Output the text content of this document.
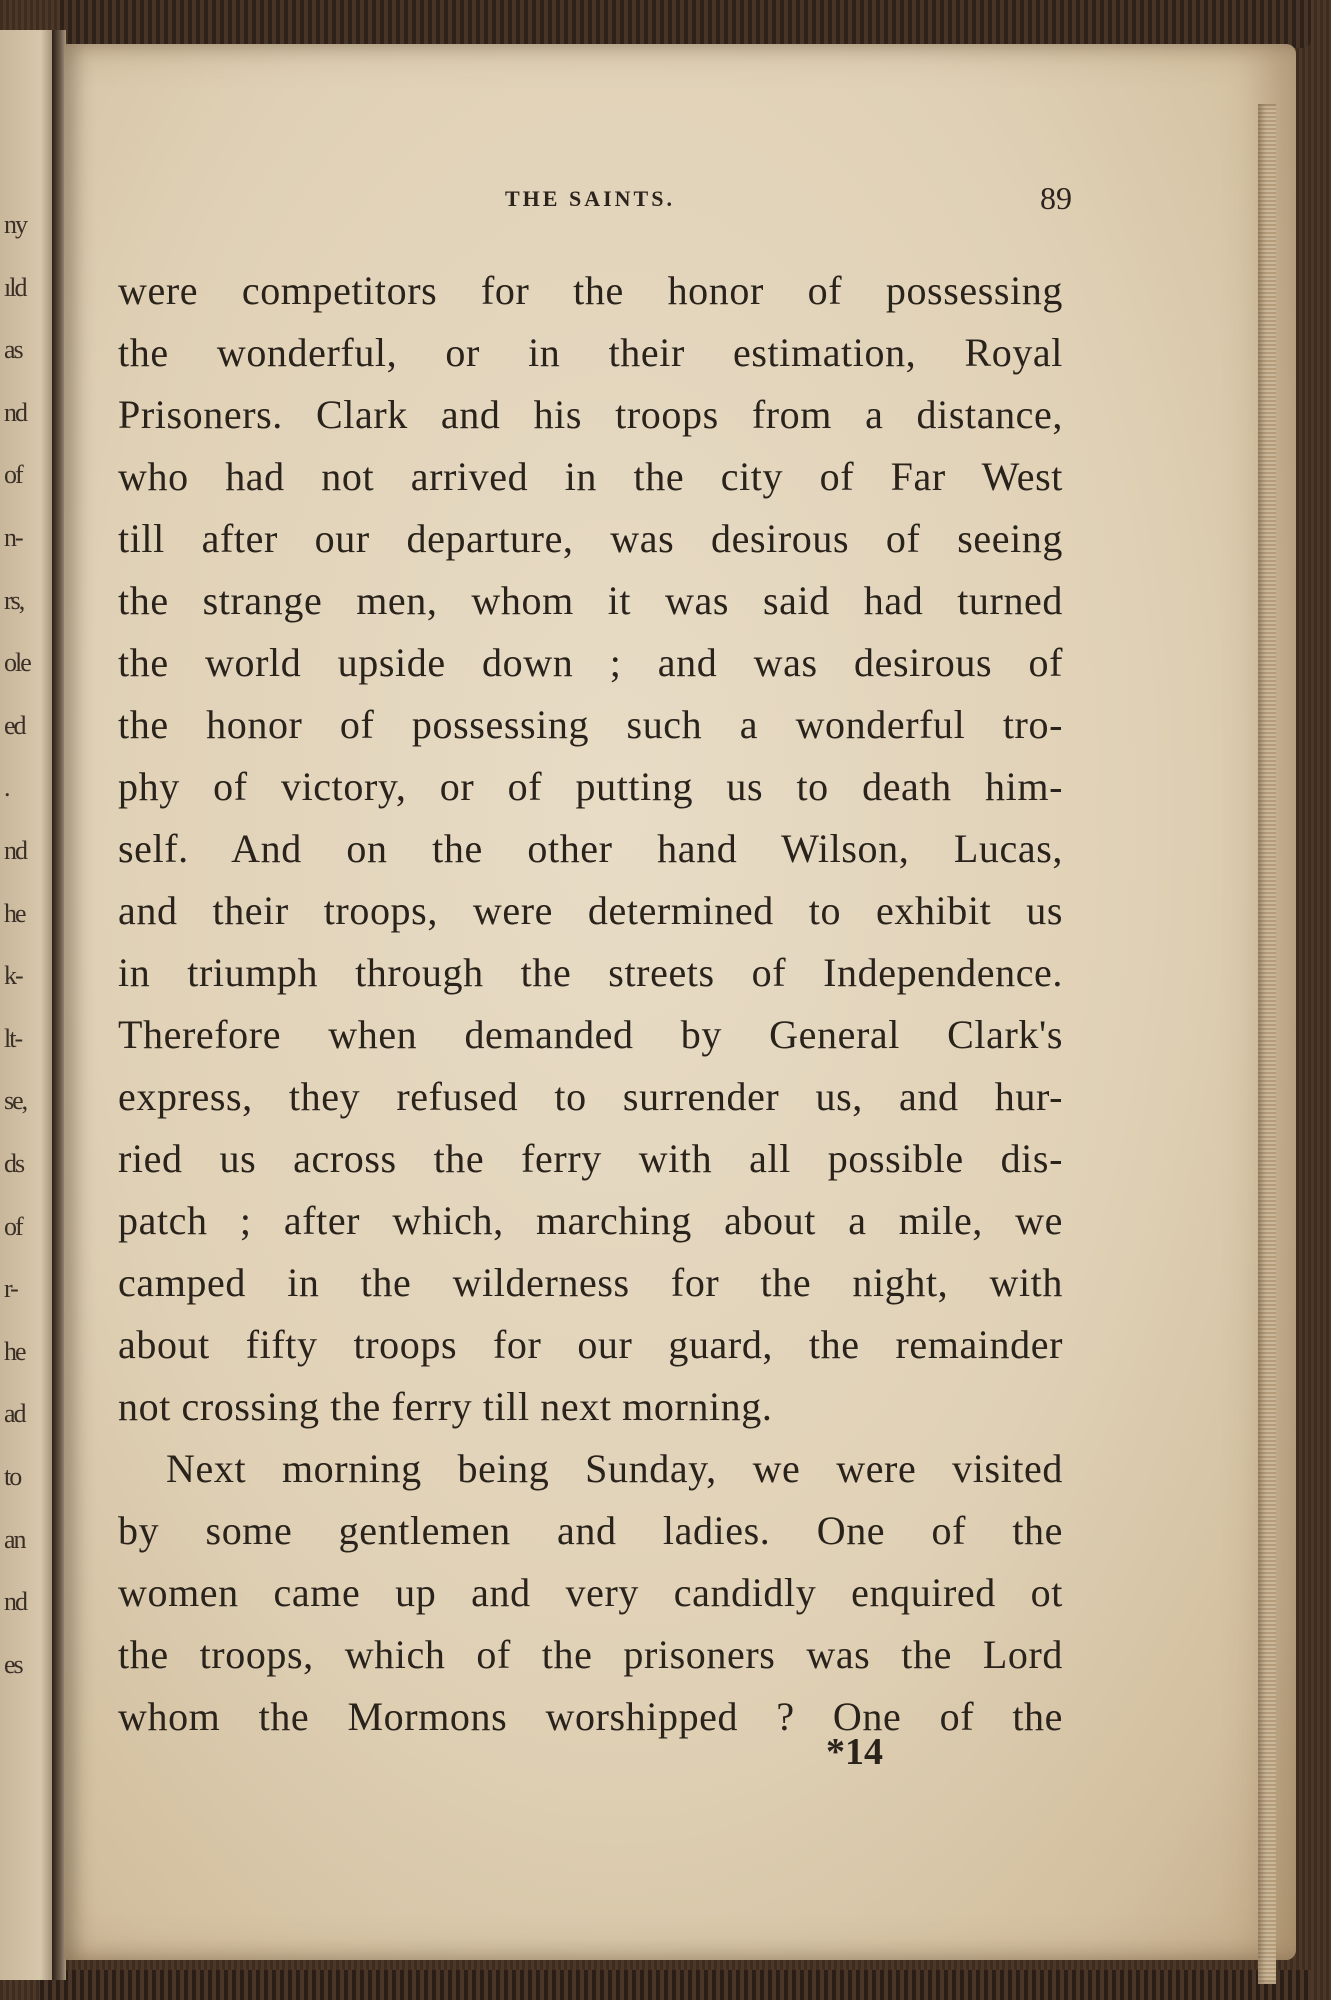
ny
ıld
as
nd
of
n-
rs,
ole
ed
.
nd
he
k-
lt-
se,
ds
of
r-
he
ad
to
an
nd
es
THE SAINTS.	89
were competitors for the honor of possessing
the wonderful, or in their estimation, Royal
Prisoners. Clark and his troops from a distance,
who had not arrived in the city of Far West
till after our departure, was desirous of seeing
the strange men, whom it was said had turned
the world upside down ; and was desirous of
the honor of possessing such a wonderful tro-
phy of victory, or of putting us to death him-
self. And on the other hand Wilson, Lucas,
and their troops, were determined to exhibit us
in triumph through the streets of Independence.
Therefore when demanded by General Clark's
express, they refused to surrender us, and hur-
ried us across the ferry with all possible dis-
patch ; after which, marching about a mile, we
camped in the wilderness for the night, with
about fifty troops for our guard, the remainder
not crossing the ferry till next morning.
Next morning being Sunday, we were visited
by some gentlemen and ladies. One of the
women came up and very candidly enquired ot
the troops, which of the prisoners was the Lord
whom the Mormons worshipped ? One of the
*14
